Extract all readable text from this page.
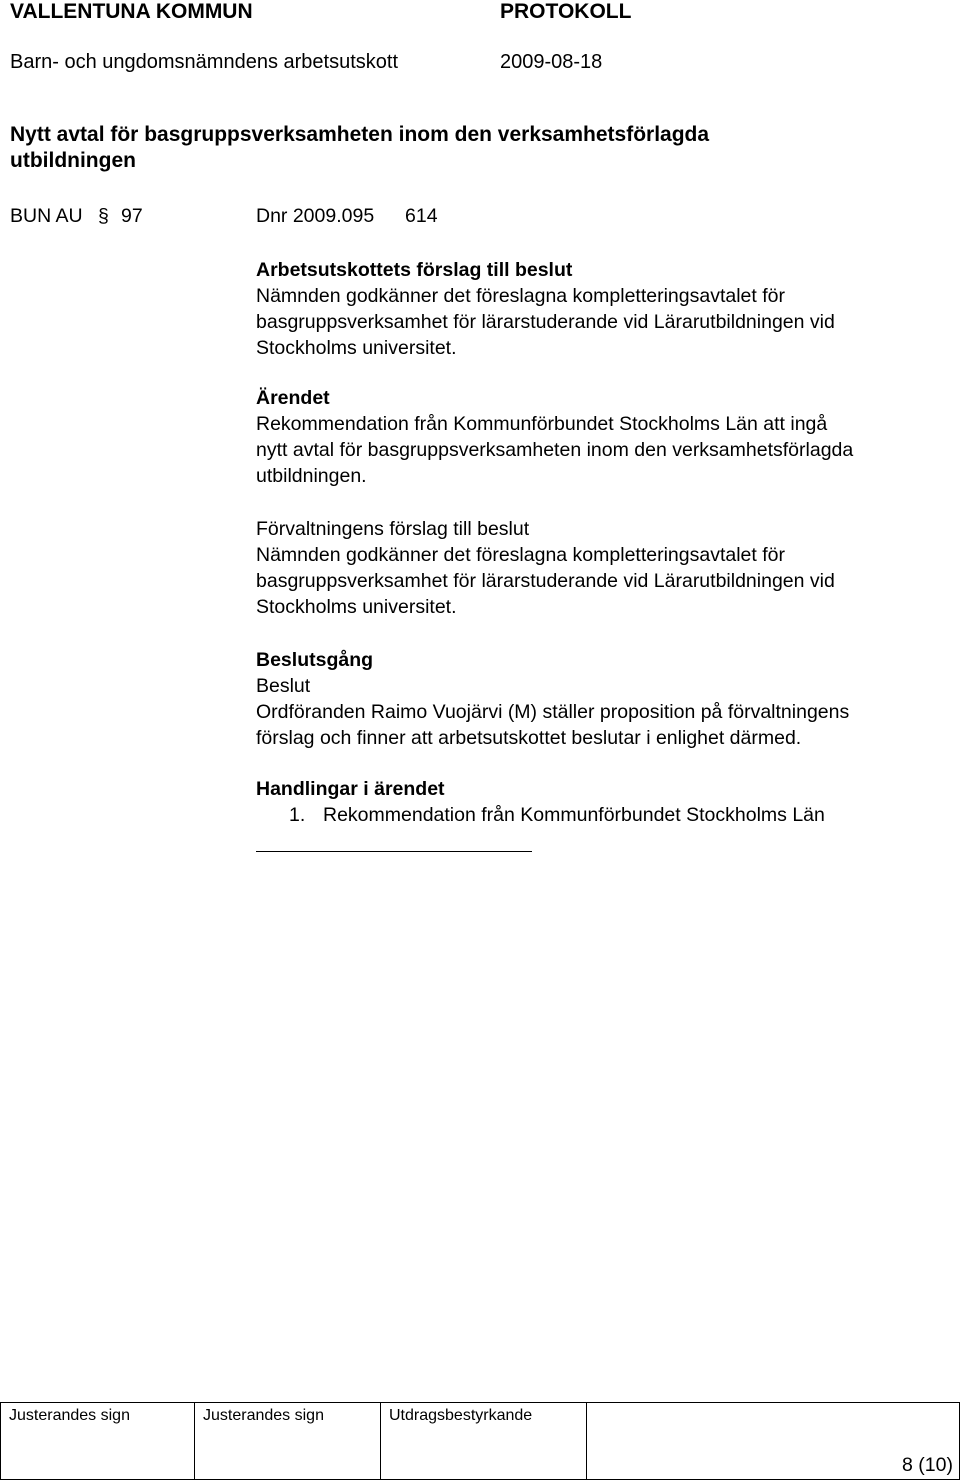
VALLENTUNA KOMMUN	PROTOKOLL
Barn- och ungdomsnämndens arbetsutskott	2009-08-18
Nytt avtal för basgruppsverksamheten inom den verksamhetsförlagda
utbildningen
BUN AU § 97	Dnr 2009.095 614
Arbetsutskottets förslag till beslut
Nämnden godkänner det föreslagna kompletteringsavtalet för
basgruppsverksamhet för lärarstuderande vid Lärarutbildningen vid
Stockholms universitet.
Ärendet
Rekommendation från Kommunförbundet Stockholms Län att ingå
nytt avtal för basgruppsverksamheten inom den verksamhetsförlagda
utbildningen.
Förvaltningens förslag till beslut
Nämnden godkänner det föreslagna kompletteringsavtalet för
basgruppsverksamhet för lärarstuderande vid Lärarutbildningen vid
Stockholms universitet.
Beslutsgång
Beslut
Ordföranden Raimo Vuojärvi (M) ställer proposition på förvaltningens
förslag och finner att arbetsutskottet beslutar i enlighet därmed.
Handlingar i ärendet
1. Rekommendation från Kommunförbundet Stockholms Län
Justerandes sign	Justerandes sign	Utdragsbestyrkande
8 (10)
